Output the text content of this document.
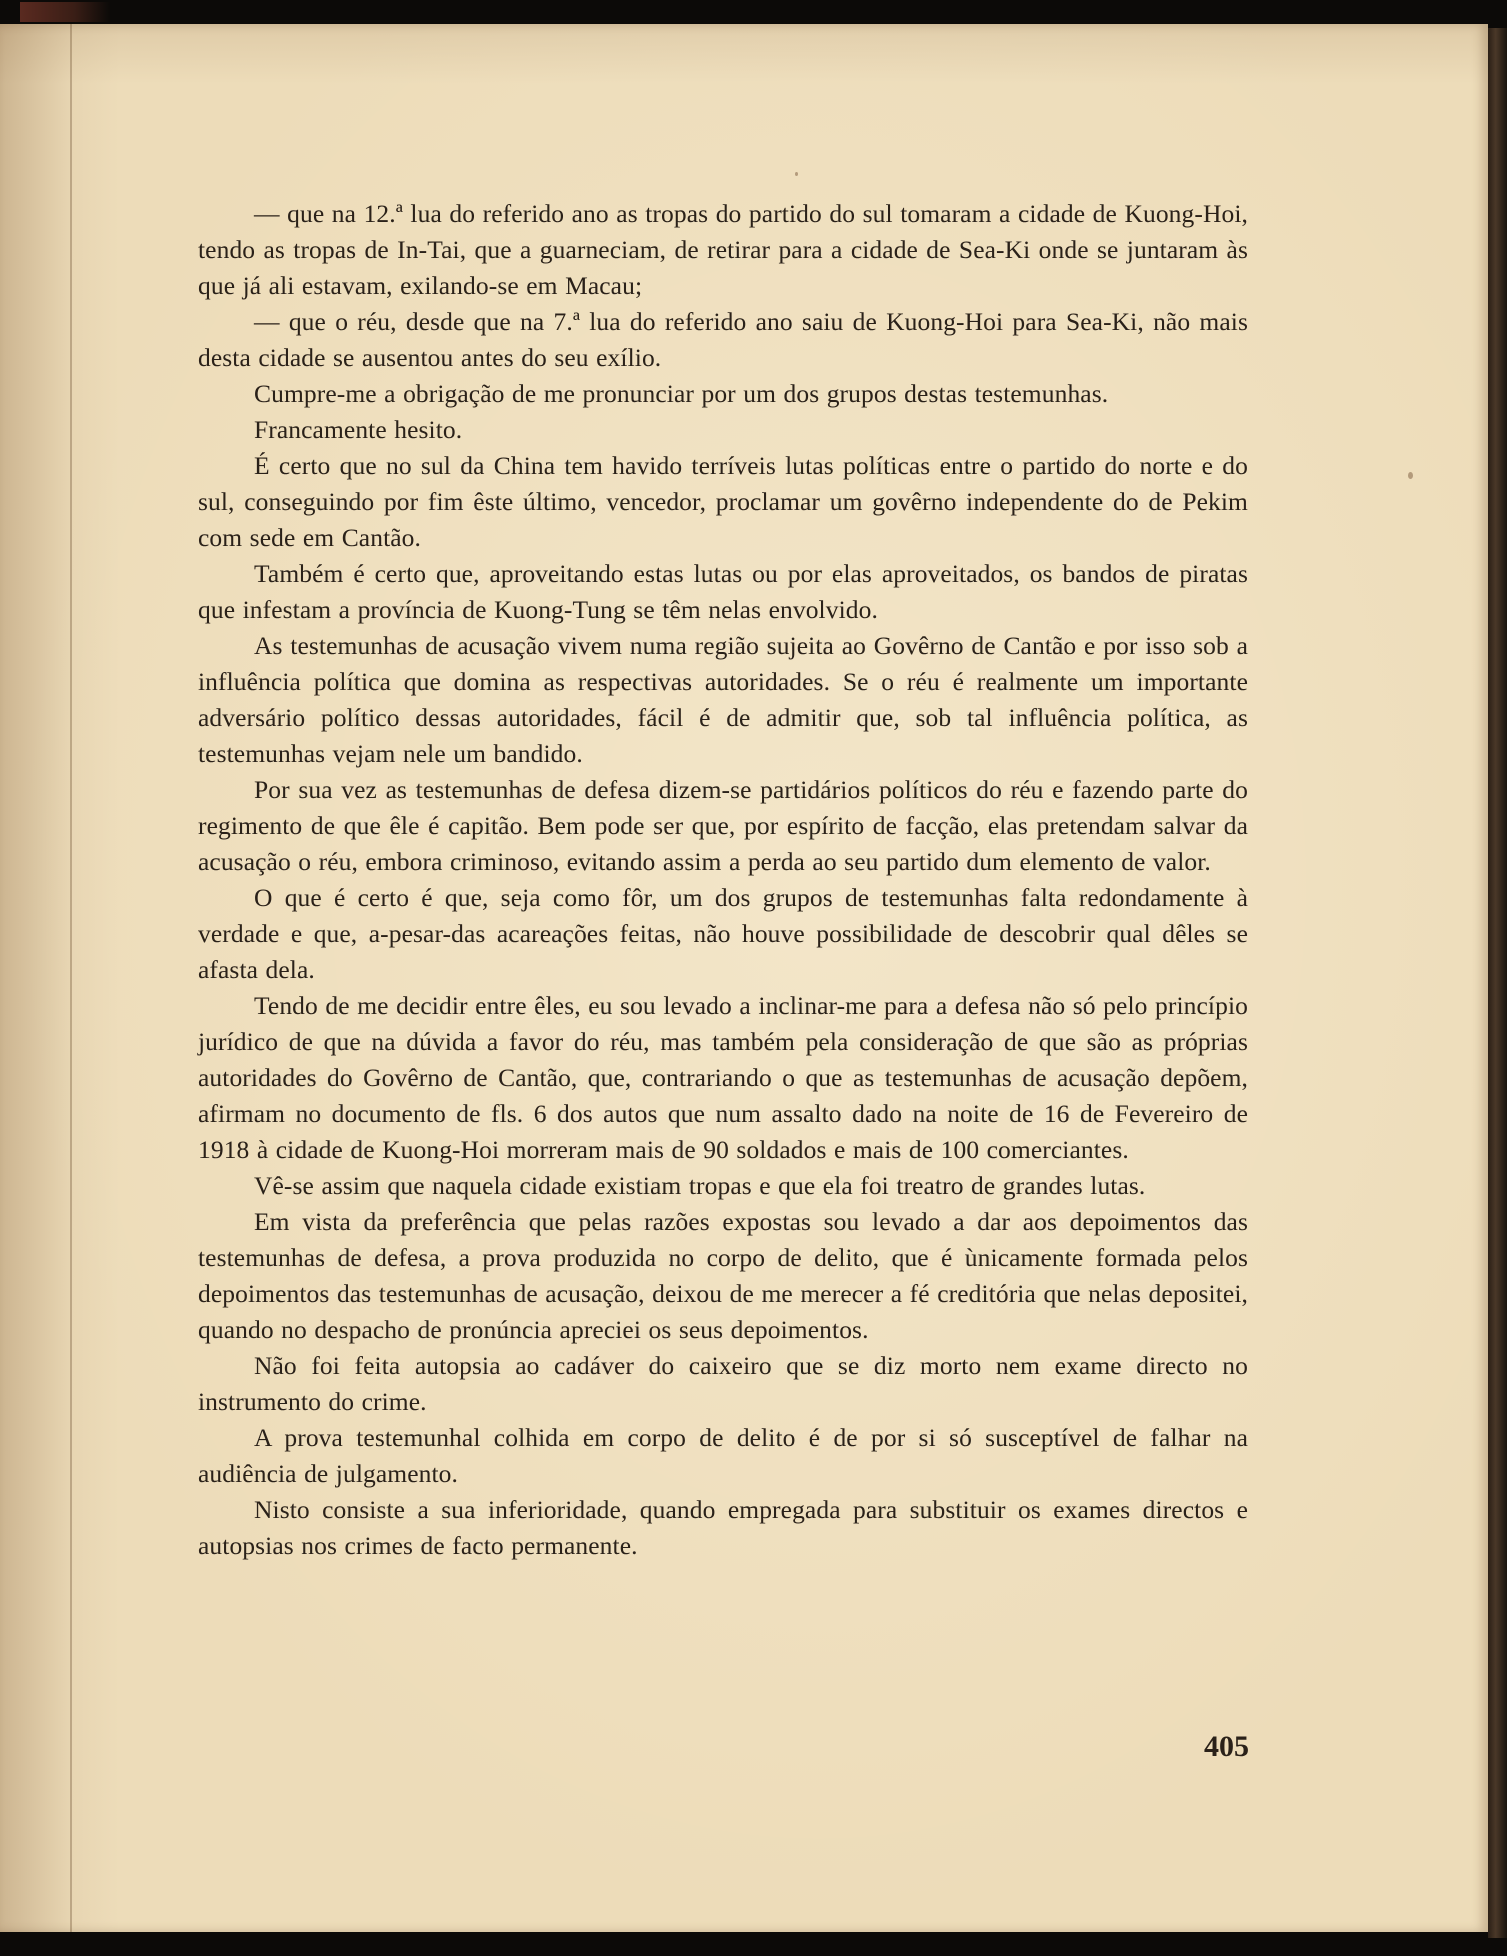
— que na 12.ª lua do referido ano as tropas do partido do sul tomaram a cidade de Kuong-Hoi, tendo as tropas de In-Tai, que a guarneciam, de retirar para a cidade de Sea-Ki onde se juntaram às que já ali estavam, exilando-se em Macau;

— que o réu, desde que na 7.ª lua do referido ano saiu de Kuong-Hoi para Sea-Ki, não mais desta cidade se ausentou antes do seu exílio.

Cumpre-me a obrigação de me pronunciar por um dos grupos destas testemunhas.

Francamente hesito.

É certo que no sul da China tem havido terríveis lutas políticas entre o partido do norte e do sul, conseguindo por fim êste último, vencedor, proclamar um govêrno independente do de Pekim com sede em Cantão.

Também é certo que, aproveitando estas lutas ou por elas aproveitados, os bandos de piratas que infestam a província de Kuong-Tung se têm nelas envolvido.

As testemunhas de acusação vivem numa região sujeita ao Govêrno de Cantão e por isso sob a influência política que domina as respectivas autoridades. Se o réu é realmente um importante adversário político dessas autoridades, fácil é de admitir que, sob tal influência política, as testemunhas vejam nele um bandido.

Por sua vez as testemunhas de defesa dizem-se partidários políticos do réu e fazendo parte do regimento de que êle é capitão. Bem pode ser que, por espírito de facção, elas pretendam salvar da acusação o réu, embora criminoso, evitando assim a perda ao seu partido dum elemento de valor.

O que é certo é que, seja como fôr, um dos grupos de testemunhas falta redondamente à verdade e que, a-pesar-das acareações feitas, não houve possibilidade de descobrir qual dêles se afasta dela.

Tendo de me decidir entre êles, eu sou levado a inclinar-me para a defesa não só pelo princípio jurídico de que na dúvida a favor do réu, mas também pela consideração de que são as próprias autoridades do Govêrno de Cantão, que, contrariando o que as testemunhas de acusação depõem, afirmam no documento de fls. 6 dos autos que num assalto dado na noite de 16 de Fevereiro de 1918 à cidade de Kuong-Hoi morreram mais de 90 soldados e mais de 100 comerciantes.

Vê-se assim que naquela cidade existiam tropas e que ela foi treatro de grandes lutas.

Em vista da preferência que pelas razões expostas sou levado a dar aos depoimentos das testemunhas de defesa, a prova produzida no corpo de delito, que é ùnicamente formada pelos depoimentos das testemunhas de acusação, deixou de me merecer a fé creditória que nelas depositei, quando no despacho de pronúncia apreciei os seus depoimentos.

Não foi feita autopsia ao cadáver do caixeiro que se diz morto nem exame directo no instrumento do crime.

A prova testemunhal colhida em corpo de delito é de por si só susceptível de falhar na audiência de julgamento.

Nisto consiste a sua inferioridade, quando empregada para substituir os exames directos e autopsias nos crimes de facto permanente.

405
